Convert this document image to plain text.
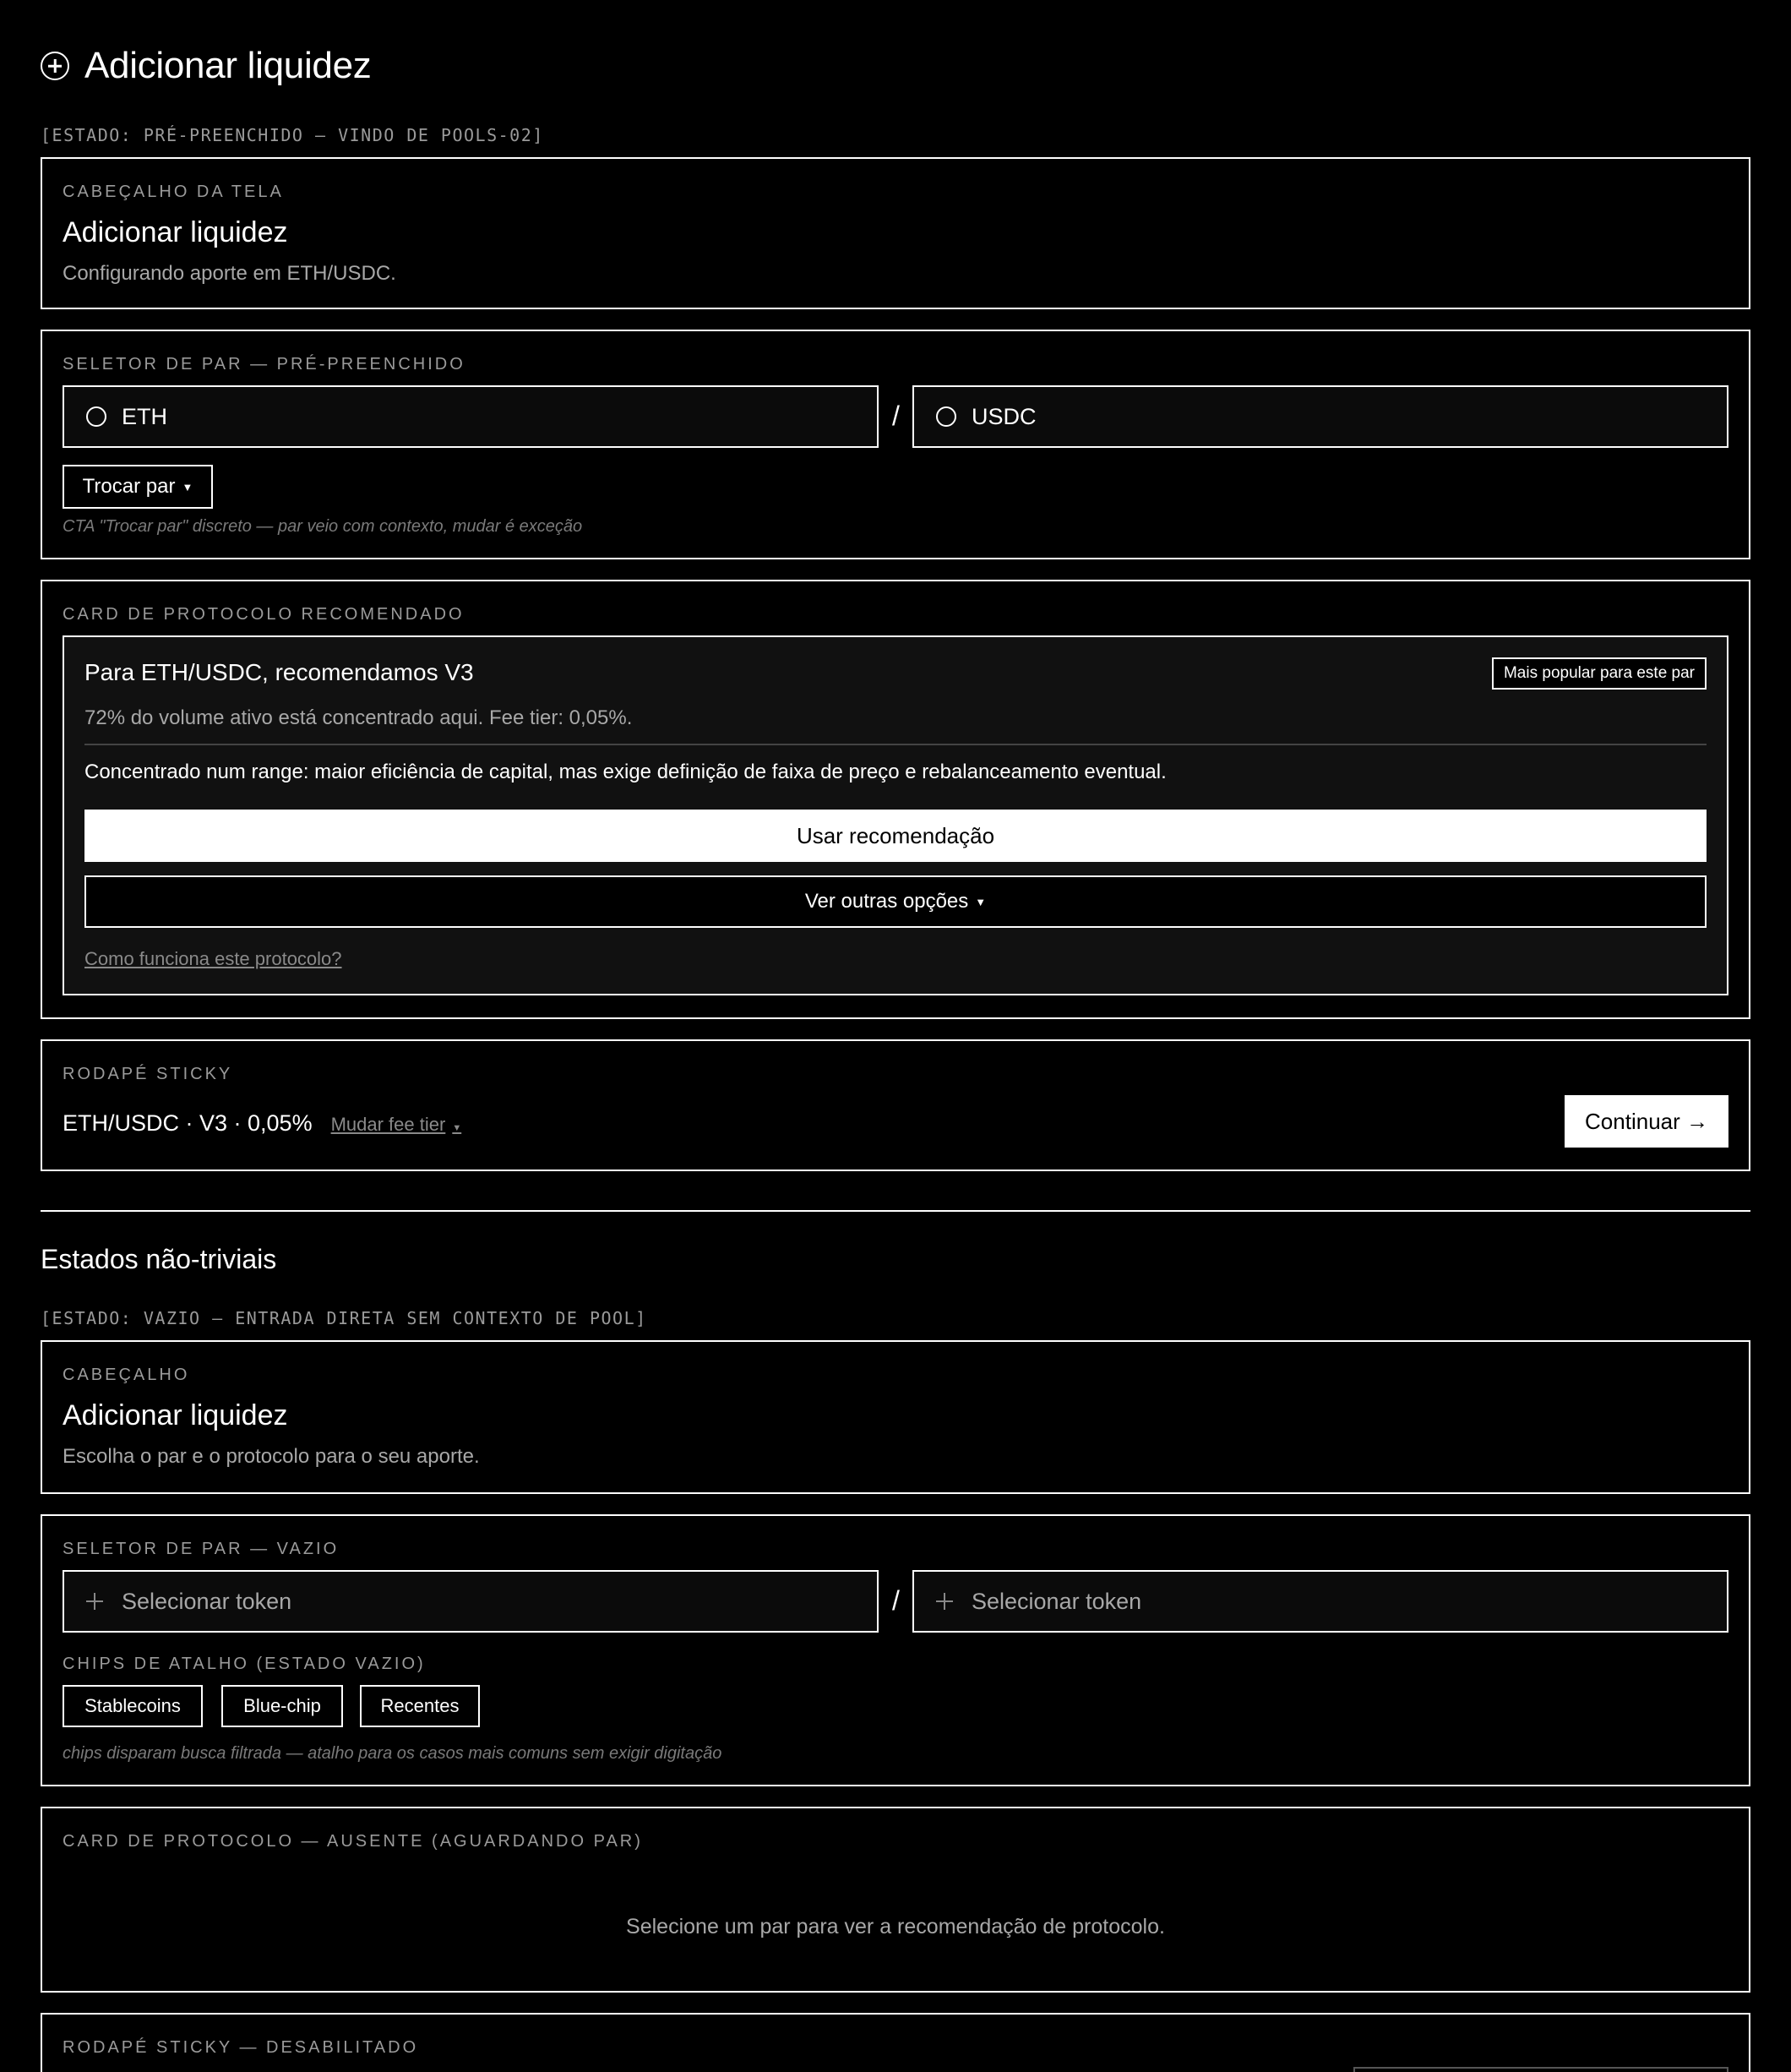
Adicionar liquidez
[ESTADO: PRÉ-PREENCHIDO — VINDO DE POOLS-02]
CABEÇALHO DA TELA
Adicionar liquidez
Configurando aporte em ETH/USDC.
SELETOR DE PAR — PRÉ-PREENCHIDO
ETH	/	USDC
Trocar par ▼
CTA "Trocar par" discreto — par veio com contexto, mudar é exceção
CARD DE PROTOCOLO RECOMENDADO
Para ETH/USDC, recomendamos V3	Mais popular para este par
72% do volume ativo está concentrado aqui. Fee tier: 0,05%.
Concentrado num range: maior eficiência de capital, mas exige definição de faixa de preço e rebalanceamento eventual.
Usar recomendação
Ver outras opções ▼
Como funciona este protocolo?
RODAPÉ STICKY
ETH/USDC · V3 · 0,05% Mudar fee tier ▼	Continuar →
Estados não-triviais
[ESTADO: VAZIO — ENTRADA DIRETA SEM CONTEXTO DE POOL]
CABEÇALHO
Adicionar liquidez
Escolha o par e o protocolo para o seu aporte.
SELETOR DE PAR — VAZIO
Selecionar token	/	Selecionar token
CHIPS DE ATALHO (ESTADO VAZIO)
Stablecoins	Blue-chip	Recentes
chips disparam busca filtrada — atalho para os casos mais comuns sem exigir digitação
CARD DE PROTOCOLO — AUSENTE (AGUARDANDO PAR)
Selecione um par para ver a recomendação de protocolo.
RODAPÉ STICKY — DESABILITADO
